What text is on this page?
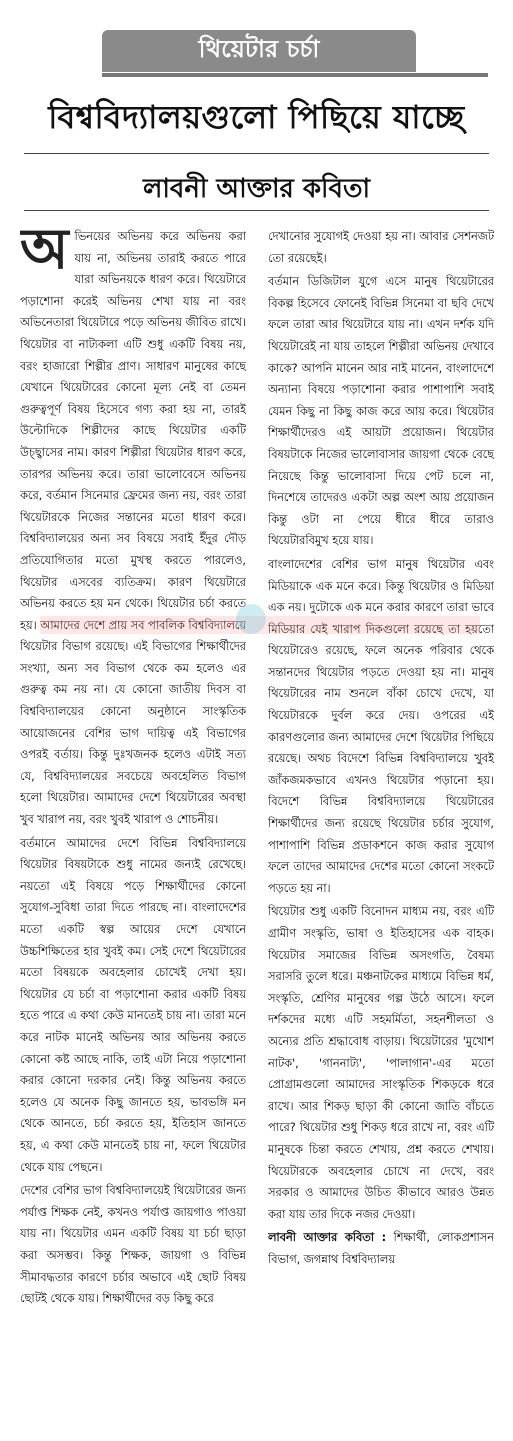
থিয়েটার চর্চা
বিশ্ববিদ্যালয়গুলো পিছিয়ে যাচ্ছে
লাবনী আক্তার কবিতা

অভিনয়ের অভিনয় করে অভিনয় করা যায় না, অভিনয় তারাই করতে পারে যারা অভিনয়কে ধারণ করে। থিয়েটারে পড়াশোনা করেই অভিনয় শেখা যায় না বরং অভিনেতারা থিয়েটারে পড়ে অভিনয় জীবিত রাখে। থিয়েটার বা নাট্যকলা এটি শুধু একটি বিষয় নয়, বরং হাজারো শিল্পীর প্রাণ। সাধারণ মানুষের কাছে যেখানে থিয়েটারের কোনো মূল্য নেই বা তেমন গুরুত্বপূর্ণ বিষয় হিসেবে গণ্য করা হয় না, তারই উল্টোদিকে শিল্পীদের কাছে থিয়েটার একটি উচ্ছ্বাসের নাম। কারণ শিল্পীরা থিয়েটার ধারণ করে, তারপর অভিনয় করে। তারা ভালোবেসে অভিনয় করে, বর্তমান সিনেমার ফ্রেমের জন্য নয়, বরং তারা থিয়েটারকে নিজের সন্তানের মতো ধারণ করে। বিশ্ববিদ্যালয়ের অন্য সব বিষয়ে সবাই ইঁদুর দৌড় প্রতিযোগিতার মতো মুখস্থ করতে পারলেও, থিয়েটার এসবের ব্যতিক্রম। কারণ থিয়েটারে অভিনয় করতে হয় মন থেকে। থিয়েটার চর্চা করতে হয়। আমাদের দেশে প্রায় সব পাবলিক বিশ্ববিদ্যালয়ে থিয়েটার বিভাগ রয়েছে। এই বিভাগের শিক্ষার্থীদের সংখ্যা, অন্য সব বিভাগ থেকে কম হলেও এর গুরুত্ব কম নয় না। যে কোনো জাতীয় দিবস বা বিশ্ববিদ্যালয়ের কোনো অনুষ্ঠানে সাংস্কৃতিক আয়োজনের বেশির ভাগ দায়িত্ব এই বিভাগের ওপরই বর্তায়। কিন্তু দুঃখজনক হলেও এটাই সত্য যে, বিশ্ববিদ্যালয়ের সবচেয়ে অবহেলিত বিভাগ হলো থিয়েটার। আমাদের দেশে থিয়েটারের অবস্থা খুব খারাপ নয়, বরং খুবই খারাপ ও শোচনীয়।

বর্তমানে আমাদের দেশে বিভিন্ন বিশ্ববিদ্যালয়ে থিয়েটার বিষয়টাকে শুধু নামের জন্যই রেখেছে। নয়তো এই বিষয়ে পড়ে শিক্ষার্থীদের কোনো সুযোগ-সুবিধা তারা দিতে পারছে না। বাংলাদেশের মতো একটি স্বল্প আয়ের দেশে যেখানে উচ্চশিক্ষিতের হার খুবই কম। সেই দেশে থিয়েটারের মতো বিষয়কে অবহেলার চোখেই দেখা হয়। থিয়েটার যে চর্চা বা পড়াশোনা করার একটি বিষয় হতে পারে এ কথা কেউ মানতেই চায় না। তারা মনে করে নাটক মানেই অভিনয় আর অভিনয় করতে কোনো কষ্ট আছে নাকি, তাই এটা নিয়ে পড়াশোনা করার কোনো দরকার নেই। কিন্তু অভিনয় করতে হলেও যে অনেক কিছু জানতে হয়, ভাবভঙ্গি মন থেকে আনতে, চর্চা করতে হয়, ইতিহাস জানতে হয়, এ কথা কেউ মানতেই চায় না, ফলে থিয়েটার থেকে যায় পেছনে।

দেশের বেশির ভাগ বিশ্ববিদ্যালয়েই থিয়েটারের জন্য পর্যাপ্ত শিক্ষক নেই, কখনও পর্যাপ্ত জায়গাও পাওয়া যায় না। থিয়েটার এমন একটি বিষয় যা চর্চা ছাড়া করা অসম্ভব। কিন্তু শিক্ষক, জায়গা ও বিভিন্ন সীমাবদ্ধতার কারণে চর্চার অভাবে এই ছোট বিষয় ছোটই থেকে যায়। শিক্ষার্থীদের বড় কিছু করে

দেখানোর সুযোগই দেওয়া হয় না। আবার সেশনজট তো রয়েছেই।

বর্তমান ডিজিটাল যুগে এসে মানুষ থিয়েটারের বিকল্প হিসেবে ফোনেই বিভিন্ন সিনেমা বা ছবি দেখে ফলে তারা আর থিয়েটারে যায় না। এখন দর্শক যদি থিয়েটারেই না যায় তাহলে শিল্পীরা অভিনয় দেখাবে কাকে? আপনি মানেন আর নাই মানেন, বাংলাদেশে অন্যান্য বিষয়ে পড়াশোনা করার পাশাপাশি সবাই যেমন কিছু না কিছু কাজ করে আয় করে। থিয়েটার শিক্ষার্থীদেরও এই আয়টা প্রয়োজন। থিয়েটার বিষয়টাকে নিজের ভালোবাসার জায়গা থেকে বেছে নিয়েছে কিন্তু ভালোবাসা দিয়ে পেট চলে না, দিনশেষে তাদেরও একটা অল্প অংশ আয় প্রয়োজন কিন্তু ওটা না পেয়ে ধীরে ধীরে তারাও থিয়েটারবিমুখ হয়ে যায়।

বাংলাদেশের বেশির ভাগ মানুষ থিয়েটার এবং মিডিয়াকে এক মনে করে। কিন্তু থিয়েটার ও মিডিয়া এক নয়। দুটোকে এক মনে করার কারণে তারা ভাবে মিডিয়ার যেই খারাপ দিকগুলো রয়েছে তা হয়তো থিয়েটারেও রয়েছে, ফলে অনেক পরিবার থেকে সন্তানদের থিয়েটার পড়তে দেওয়া হয় না। মানুষ থিয়েটারের নাম শুনলে বাঁকা চোখে দেখে, যা থিয়েটারকে দুর্বল করে দেয়। ওপরের এই কারণগুলোর জন্য আমাদের দেশে থিয়েটার পিছিয়ে রয়েছে। অথচ বিদেশে বিভিন্ন বিশ্ববিদ্যালয়ে খুবই জাঁকজমকভাবে এখনও থিয়েটার পড়ানো হয়। বিদেশে বিভিন্ন বিশ্ববিদ্যালয়ে থিয়েটারের শিক্ষার্থীদের জন্য রয়েছে থিয়েটার চর্চার সুযোগ, পাশাপাশি বিভিন্ন প্রডাকশনে কাজ করার সুযোগ ফলে তাদের আমাদের দেশের মতো কোনো সংকটে পড়তে হয় না।

থিয়েটার শুধু একটি বিনোদন মাধ্যম নয়, বরং এটি গ্রামীণ সংস্কৃতি, ভাষা ও ইতিহাসের এক বাহক। থিয়েটার সমাজের বিভিন্ন অসংগতি, বৈষম্য সরাসরি তুলে ধরে। মঞ্চনাটকের মাধ্যমে বিভিন্ন ধর্ম, সংস্কৃতি, শ্রেণির মানুষের গল্প উঠে আসে। ফলে দর্শকদের মধ্যে এটি সহমর্মিতা, সহনশীলতা ও অন্যের প্রতি শ্রদ্ধাবোধ বাড়ায়। থিয়েটারের 'মুখোশ নাটক', 'গাননাট্য', 'পালাগান'-এর মতো প্রোগ্রামগুলো আমাদের সাংস্কৃতিক শিকড়কে ধরে রাখে। আর শিকড় ছাড়া কী কোনো জাতি বাঁচতে পারে? থিয়েটার শুধু শিকড় ধরে রাখে না, বরং এটি মানুষকে চিন্তা করতে শেখায়, প্রশ্ন করতে শেখায়। থিয়েটারকে অবহেলার চোখে না দেখে, বরং সরকার ও আমাদের উচিত কীভাবে আরও উন্নত করা যায় তার দিকে নজর দেওয়া।

লাবনী আক্তার কবিতা : শিক্ষার্থী, লোকপ্রশাসন বিভাগ, জগন্নাথ বিশ্ববিদ্যালয়
